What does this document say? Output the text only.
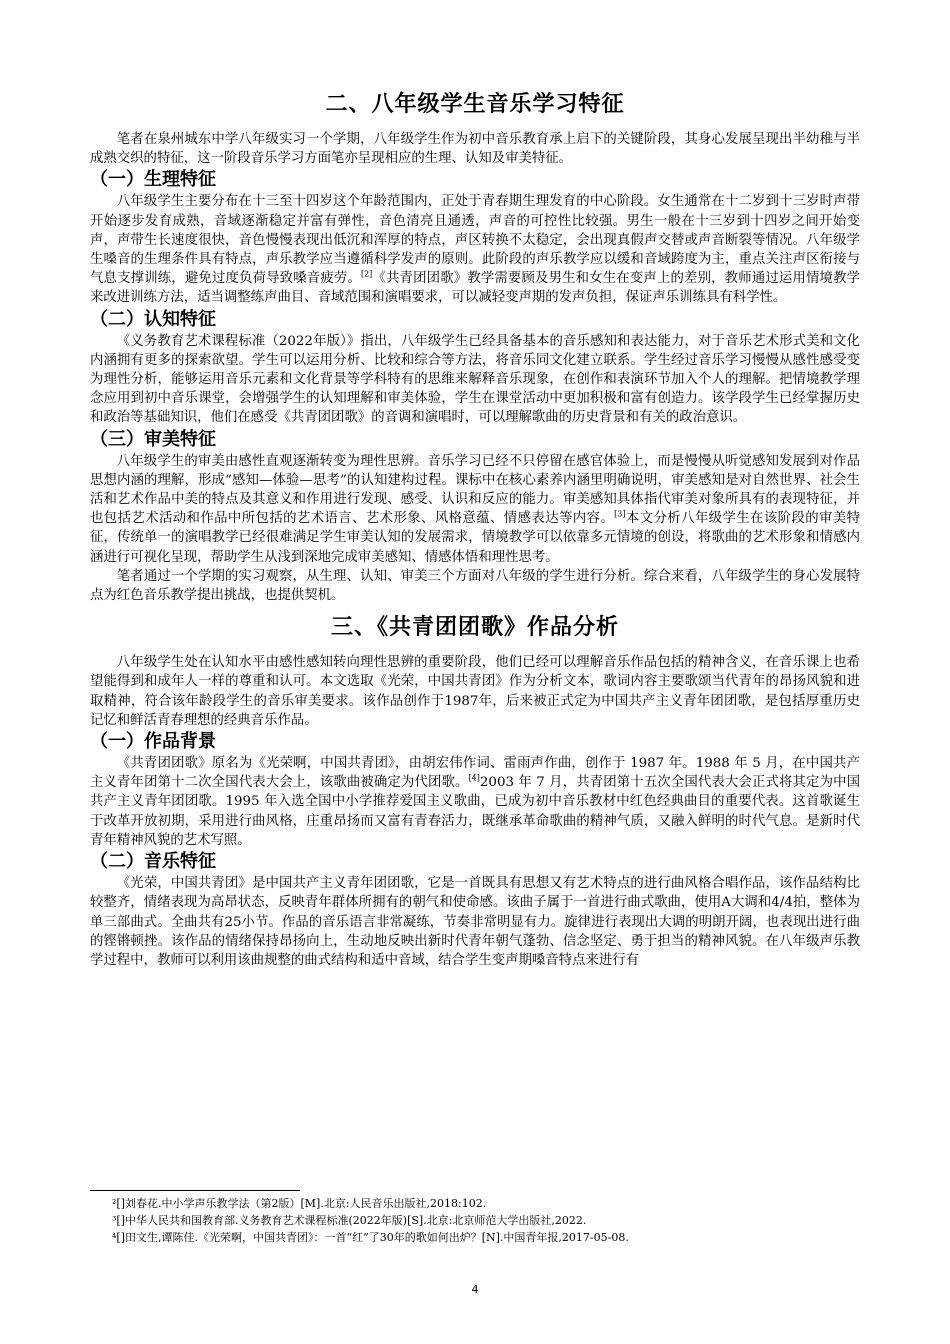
二、八年级学生音乐学习特征

笔者在泉州城东中学八年级实习一个学期，八年级学生作为初中音乐教育承上启下的关键阶段，其身心发展呈现出半幼稚与半成熟交织的特征，这一阶段音乐学习方面笔亦呈现相应的生理、认知及审美特征。

（一）生理特征

八年级学生主要分布在十三至十四岁这个年龄范围内，正处于青春期生理发育的中心阶段。女生通常在十二岁到十三岁时声带开始逐步发育成熟，音域逐渐稳定并富有弹性，音色清亮且通透，声音的可控性比较强。男生一般在十三岁到十四岁之间开始变声，声带生长速度很快，音色慢慢表现出低沉和浑厚的特点，声区转换不太稳定，会出现真假声交替或声音断裂等情况。八年级学生嗓音的生理条件具有特点，声乐教学应当遵循科学发声的原则。此阶段的声乐教学应以缓和音域跨度为主，重点关注声区衔接与气息支撑训练，避免过度负荷导致嗓音疲劳。[2]《共青团团歌》教学需要顾及男生和女生在变声上的差别，教师通过运用情境教学来改进训练方法，适当调整练声曲目、音域范围和演唱要求，可以减轻变声期的发声负担，保证声乐训练具有科学性。

（二）认知特征

《义务教育艺术课程标准（2022年版）》指出，八年级学生已经具备基本的音乐感知和表达能力，对于音乐艺术形式美和文化内涵拥有更多的探索欲望。学生可以运用分析、比较和综合等方法，将音乐同文化建立联系。学生经过音乐学习慢慢从感性感受变为理性分析，能够运用音乐元素和文化背景等学科特有的思维来解释音乐现象，在创作和表演环节加入个人的理解。把情境教学理念应用到初中音乐课堂，会增强学生的认知理解和审美体验，学生在课堂活动中更加积极和富有创造力。该学段学生已经掌握历史和政治等基础知识，他们在感受《共青团团歌》的音调和演唱时，可以理解歌曲的历史背景和有关的政治意识。

（三）审美特征

八年级学生的审美由感性直观逐渐转变为理性思辨。音乐学习已经不只停留在感官体验上，而是慢慢从听觉感知发展到对作品思想内涵的理解，形成“感知—体验—思考”的认知建构过程。课标中在核心素养内涵里明确说明，审美感知是对自然世界、社会生活和艺术作品中美的特点及其意义和作用进行发现、感受、认识和反应的能力。审美感知具体指代审美对象所具有的表现特征，并也包括艺术活动和作品中所包括的艺术语言、艺术形象、风格意蕴、情感表达等内容。[3]本文分析八年级学生在该阶段的审美特征，传统单一的演唱教学已经很难满足学生审美认知的发展需求，情境教学可以依靠多元情境的创设，将歌曲的艺术形象和情感内涵进行可视化呈现，帮助学生从浅到深地完成审美感知、情感体悟和理性思考。

笔者通过一个学期的实习观察，从生理、认知、审美三个方面对八年级的学生进行分析。综合来看，八年级学生的身心发展特点为红色音乐教学提出挑战，也提供契机。

三、《共青团团歌》作品分析

八年级学生处在认知水平由感性感知转向理性思辨的重要阶段，他们已经可以理解音乐作品包括的精神含义，在音乐课上也希望能得到和成年人一样的尊重和认可。本文选取《光荣，中国共青团》作为分析文本，歌词内容主要歌颂当代青年的昂扬风貌和进取精神，符合该年龄段学生的音乐审美要求。该作品创作于1987年，后来被正式定为中国共产主义青年团团歌，是包括厚重历史记忆和鲜活青春理想的经典音乐作品。

（一）作品背景

《共青团团歌》原名为《光荣啊，中国共青团》，由胡宏伟作词、雷雨声作曲，创作于 1987 年。1988 年 5 月，在中国共产主义青年团第十二次全国代表大会上，该歌曲被确定为代团歌。[4]2003 年 7 月，共青团第十五次全国代表大会正式将其定为中国共产主义青年团团歌。1995 年入选全国中小学推荐爱国主义歌曲，已成为初中音乐教材中红色经典曲目的重要代表。这首歌诞生于改革开放初期，采用进行曲风格，庄重昂扬而又富有青春活力，既继承革命歌曲的精神气质，又融入鲜明的时代气息。是新时代青年精神风貌的艺术写照。

（二）音乐特征

《光荣，中国共青团》是中国共产主义青年团团歌，它是一首既具有思想又有艺术特点的进行曲风格合唱作品，该作品结构比较整齐，情绪表现为高昂状态，反映青年群体所拥有的朝气和使命感。该曲子属于一首进行曲式歌曲，使用A大调和4/4拍，整体为单三部曲式。全曲共有25小节。作品的音乐语言非常凝练，节奏非常明显有力。旋律进行表现出大调的明朗开阔，也表现出进行曲的铿锵顿挫。该作品的情绪保持昂扬向上，生动地反映出新时代青年朝气蓬勃、信念坚定、勇于担当的精神风貌。在八年级声乐教学过程中，教师可以利用该曲规整的曲式结构和适中音域，结合学生变声期嗓音特点来进行有

²[]刘春花.中小学声乐教学法（第2版）[M].北京:人民音乐出版社,2018:102.

³[]中华人民共和国教育部.义务教育艺术课程标准(2022年版)[S].北京:北京师范大学出版社,2022.

⁴[]田文生,谭陈佳.《光荣啊，中国共青团》：一首“红”了30年的歌如何出炉？[N].中国青年报,2017-05-08.

4
